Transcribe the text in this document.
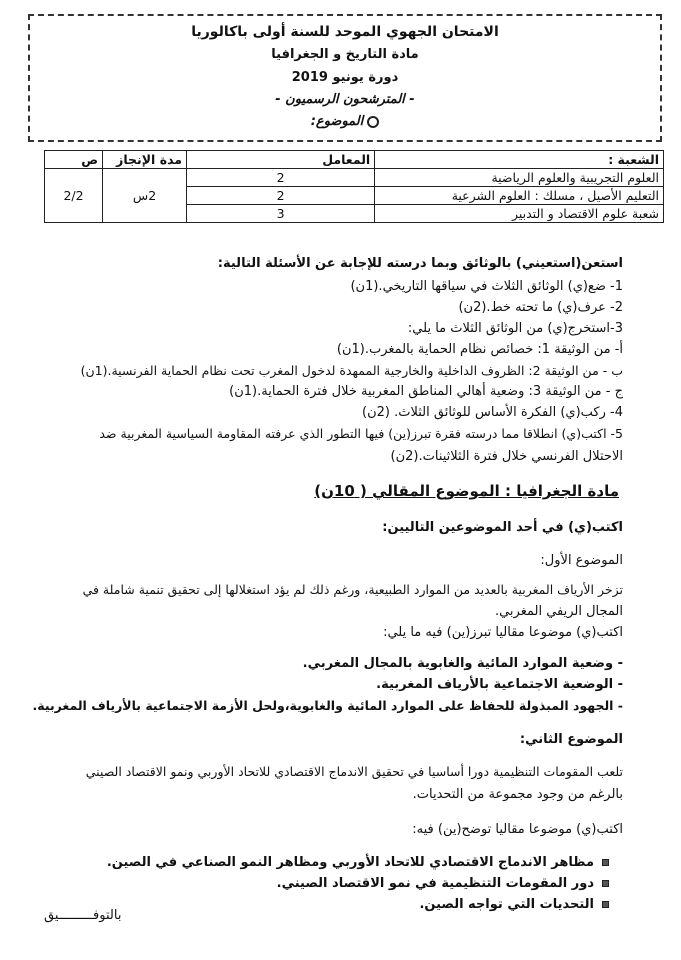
الامتحان الجهوي الموحد للسنة أولى باكالوريا
مادة التاريخ و الجغرافيا
دورة يونيو 2019
- المترشحون الرسميون -
الموضوع:
الشعبة :	المعامل	مدة الإنجاز	ص
العلوم التجريبية والعلوم الرياضية	2	2س	2/2
التعليم الأصيل ، مسلك : العلوم الشرعية	2		
شعبة علوم الاقتصاد و التدبير	3		
استعن(استعيني) بالوثائق وبما درسته للإجابة عن الأسئلة التالية:
1- ضع(ي) الوثائق الثلاث في سياقها التاريخي.(1ن)
2- عرف(ي) ما تحته خط.(2ن)
3-استخرج(ي) من الوثائق الثلاث ما يلي:
أ- من الوثيقة 1: خصائص نظام الحماية بالمغرب.(1ن)
ب - من الوثيقة 2: الظروف الداخلية والخارجية الممهدة لدخول المغرب تحت نظام الحماية الفرنسية.(1ن)
ج - من الوثيقة 3: وضعية أهالي المناطق المغربية خلال فترة الحماية.(1ن)
4- ركب(ي) الفكرة الأساس للوثائق الثلاث. (2ن)
5- اكتب(ي) انطلاقا مما درسته فقرة تبرز(ين) فيها التطور الذي عرفته المقاومة السياسية المغربية ضد
الاحتلال الفرنسي خلال فترة الثلاثينات.(2ن)
مادة الجغرافيا : الموضوع المقالي ( 10ن)
اكتب(ي) في أحد الموضوعين التاليين:
الموضوع الأول:
تزخر الأرياف المغربية بالعديد من الموارد الطبيعية، ورغم ذلك لم يؤد استغلالها إلى تحقيق تنمية شاملة في
المجال الريفي المغربي.
اكتب(ي) موضوعا مقاليا تبرز(ين) فيه ما يلي:
- وضعية الموارد المائية والغابوية بالمجال المغربي.
- الوضعية الاجتماعية بالأرياف المغربية.
- الجهود المبذولة للحفاظ على الموارد المائية والغابوية،ولحل الأزمة الاجتماعية بالأرياف المغربية.
الموضوع الثاني:
تلعب المقومات التنظيمية دورا أساسيا في تحقيق الاندماج الاقتصادي للاتحاد الأوربي ونمو الاقتصاد الصيني
بالرغم من وجود مجموعة من التحديات.
اكتب(ي) موضوعا مقاليا توضح(ين) فيه:
مظاهر الاندماج الاقتصادي للاتحاد الأوربي ومظاهر النمو الصناعي في الصين.
دور المقومات التنظيمية في نمو الاقتصاد الصيني.
التحديات التي تواجه الصين.
بالتوفـــــــــيق
